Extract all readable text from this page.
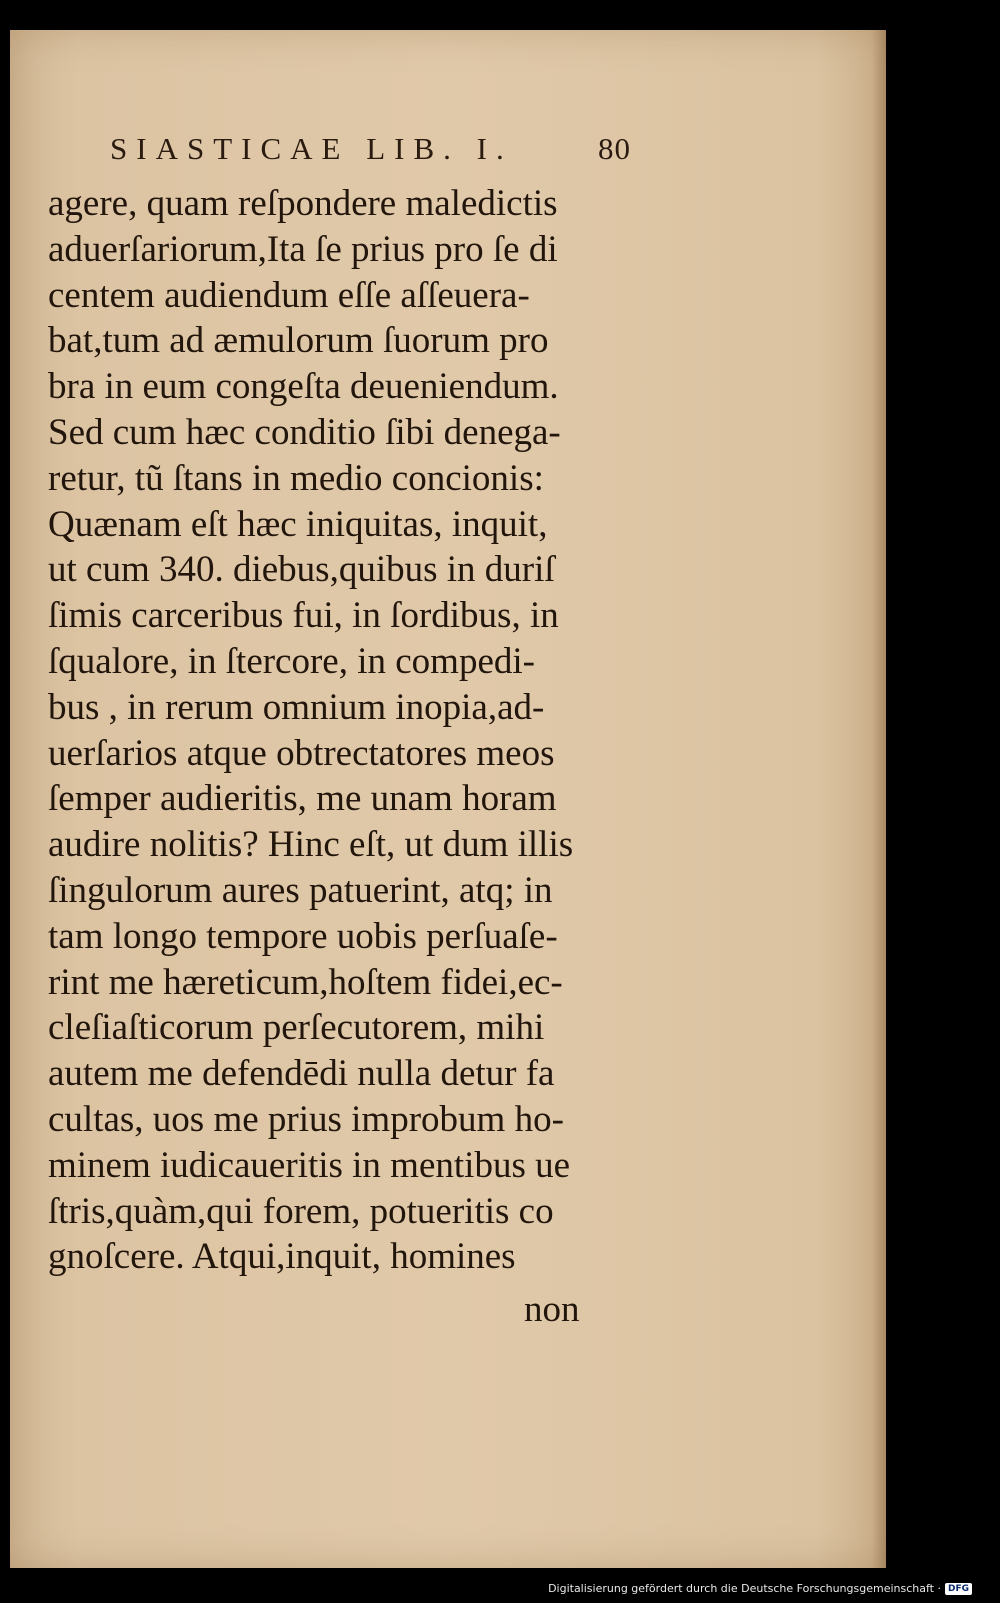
SIASTICAE LIB. I.	80
agere, quam reſpondere maledictis
aduerſariorum,Ita ſe prius pro ſe di
centem audiendum eſſe aſſeuera-
bat,tum ad æmulorum ſuorum pro
bra in eum congeſta deueniendum.
Sed cum hæc conditio ſibi denega-
retur, tũ ſtans in medio concionis:
Quænam eſt hæc iniquitas, inquit,
ut cum 340. diebus,quibus in duriſ
ſimis carceribus fui, in ſordibus, in
ſqualore, in ſtercore, in compedi-
bus , in rerum omnium inopia,ad-
uerſarios atque obtrectatores meos
ſemper audieritis, me unam horam
audire nolitis? Hinc eſt, ut dum illis
ſingulorum aures patuerint, atq; in
tam longo tempore uobis perſuaſe-
rint me hæreticum,hoſtem fidei,ec-
cleſiaſticorum perſecutorem, mihi
autem me defendēdi nulla detur fa
cultas, uos me prius improbum ho-
minem iudicaueritis in mentibus ue
ſtris,quàm,qui forem, potueritis co
gnoſcere. Atqui,inquit, homines
non
Digitalisierung gefördert durch die Deutsche Forschungsgemeinschaft · DFG
